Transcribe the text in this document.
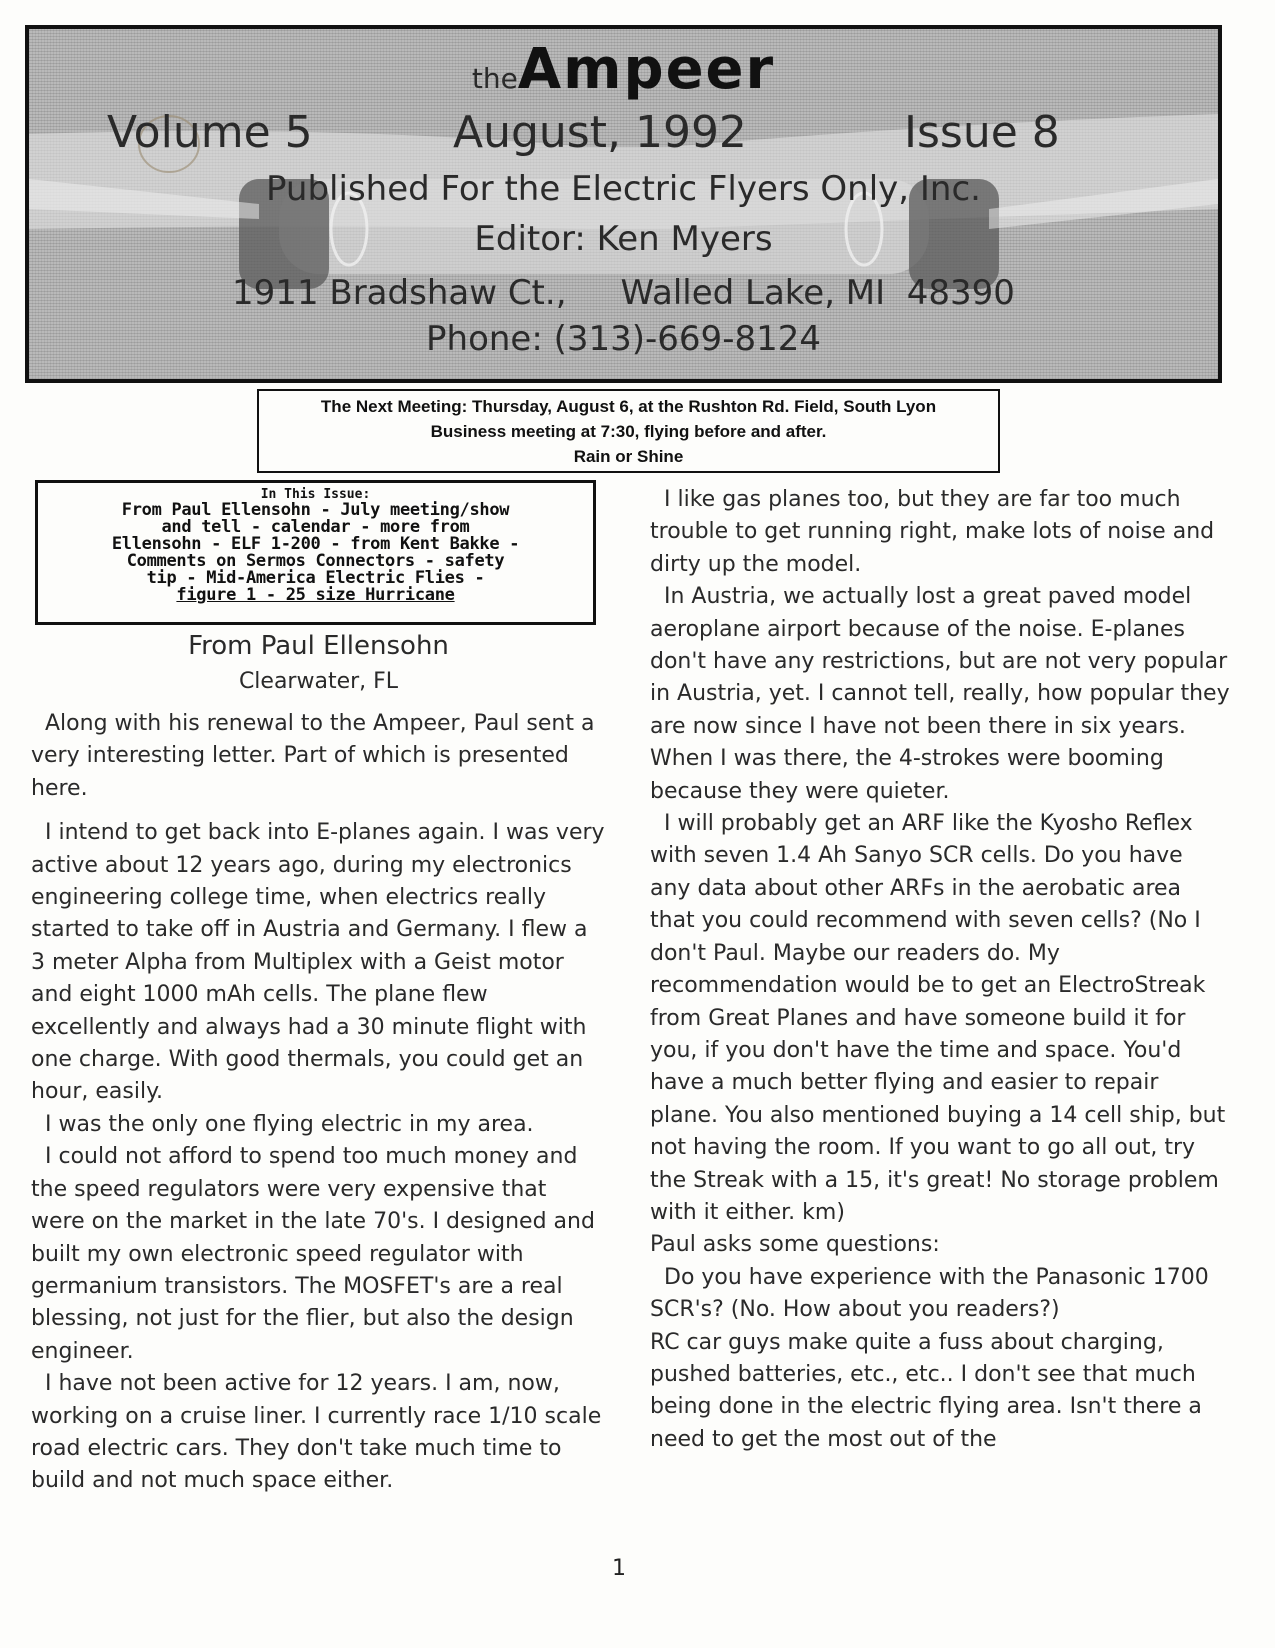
theAmpeer
Volume 5	August, 1992	Issue 8
Published For the Electric Flyers Only, Inc.
Editor: Ken Myers
1911 Bradshaw Ct.,     Walled Lake, MI  48390
Phone: (313)-669-8124
The Next Meeting: Thursday, August 6, at the Rushton Rd. Field, South Lyon
Business meeting at 7:30, flying before and after.
Rain or Shine
In This Issue:
From Paul Ellensohn - July meeting/show
and tell - calendar - more from
Ellensohn - ELF 1-200 - from Kent Bakke -
Comments on Sermos Connectors - safety
tip - Mid-America Electric Flies -
figure 1 - 25 size Hurricane

From Paul Ellensohn

Clearwater, FL

Along with his renewal to the Ampeer, Paul sent a very interesting letter. Part of which is presented here.

I intend to get back into E-planes again. I was very active about 12 years ago, during my electronics engineering college time, when electrics really started to take off in Austria and Germany. I flew a 3 meter Alpha from Multiplex with a Geist motor and eight 1000 mAh cells. The plane flew excellently and always had a 30 minute flight with one charge. With good thermals, you could get an hour, easily.

I was the only one flying electric in my area.

I could not afford to spend too much money and the speed regulators were very expensive that were on the market in the late 70's. I designed and built my own electronic speed regulator with germanium transistors. The MOSFET's are a real blessing, not just for the flier, but also the design engineer.

I have not been active for 12 years. I am, now, working on a cruise liner. I currently race 1/10 scale road electric cars. They don't take much time to build and not much space either.

I like gas planes too, but they are far too much trouble to get running right, make lots of noise and dirty up the model.

In Austria, we actually lost a great paved model aeroplane airport because of the noise. E-planes don't have any restrictions, but are not very popular in Austria, yet. I cannot tell, really, how popular they are now since I have not been there in six years. When I was there, the 4-strokes were booming because they were quieter.

I will probably get an ARF like the Kyosho Reflex with seven 1.4 Ah Sanyo SCR cells. Do you have any data about other ARFs in the aerobatic area that you could recommend with seven cells? (No I don't Paul. Maybe our readers do. My recommendation would be to get an ElectroStreak from Great Planes and have someone build it for you, if you don't have the time and space. You'd have a much better flying and easier to repair plane. You also mentioned buying a 14 cell ship, but not having the room. If you want to go all out, try the Streak with a 15, it's great! No storage problem with it either. km)

Paul asks some questions:

Do you have experience with the Panasonic 1700 SCR's? (No. How about you readers?)

RC car guys make quite a fuss about charging, pushed batteries, etc., etc.. I don't see that much being done in the electric flying area. Isn't there a need to get the most out of the

1
